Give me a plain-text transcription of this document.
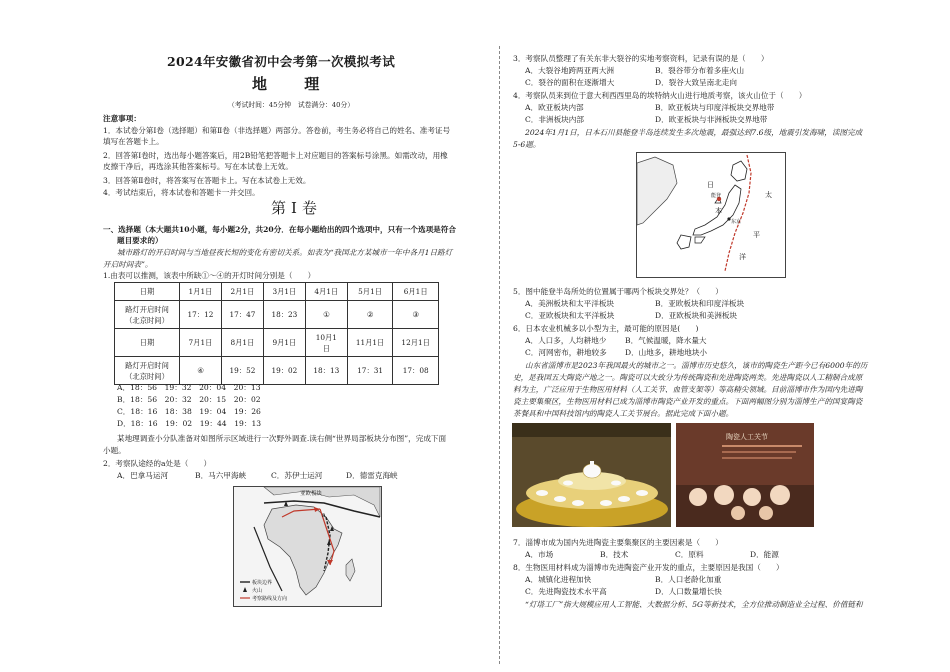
2024年安徽省初中会考第一次模拟考试
地 理
（考试时间：45分钟　试卷满分：40分）
注意事项：
1．本试卷分第Ⅰ卷（选择题）和第Ⅱ卷（非选择题）两部分。答卷前，考生务必将自己的姓名、准考证号
填写在答题卡上。
2．回答第Ⅰ卷时，选出每小题答案后，用2B铅笔把答题卡上对应题目的答案标号涂黑。如需改动，用橡
皮擦干净后，再选涂其他答案标号。写在本试卷上无效。
3．回答第Ⅱ卷时，将答案写在答题卡上。写在本试卷上无效。
4．考试结束后，将本试卷和答题卡一并交回。
第Ⅰ卷
一、选择题（本大题共10小题，每小题2分，共20分．在每小题给出的四个选项中，只有一个选项是符合
题目要求的）
城市路灯的开启时间与当地昼夜长短的变化有密切关系。如表为“我国北方某城市一年中各月1日路灯
开启时间表”。
1.由表可以推测，该表中所缺①～④的开灯时间分别是（　　）
日期	1月1日	2月1日	3月1日	4月1日	5月1日	6月1日
路灯开启时间
（北京时间）	17：12	17：47	18：23	①	②	③
日期	7月1日	8月1日	9月1日	10月1
日	11月1日	12月1日
路灯开启时间
（北京时间）	④	19：52	19：02	18：13	17：31	17：08
A．18：56　19：32　20：04　20：13
B．18：56　20：32　20：15　20：02
C．18：16　18：38　19：04　19：26
D．18：16　19：02　19：44　19：13
某地理调查小分队准备对如图所示区域进行一次野外调查.读右侧“世界局部板块分布图”，完成下面
小题。
2．考察队途经的a处是（　　）
A．巴拿马运河	B．马六甲海峡	C．苏伊士运河	D．德雷克海峡
亚欧板块
a
板块边界
火山
考察路线及方向
3．考察队员整理了有关东非大裂谷的实地考察资料，记录有误的是（　　）
A．大裂谷地跨两亚两大洲	B．裂谷带分布着多座火山
C．裂谷的面积在逐渐增大	D．裂谷大致呈南北走向
4．考察队员来到位于意大利西西里岛的埃特纳火山进行地质考察，该火山位于（　　）
A．欧亚板块内部	B．欧亚板块与印度洋板块交界地带
C．非洲板块内部	D．欧亚板块与非洲板块交界地带
2024年1月1日，日本石川县能登半岛连续发生多次地震，最强达到7.6级，地震引发海啸，读图完成
5-6题。
能登
东京
日
本
太
平
洋
5．图中能登半岛所处的位置属于哪两个板块交界处？（　　）
A．美洲板块和太平洋板块	B．亚欧板块和印度洋板块
C．亚欧板块和太平洋板块	D．亚欧板块和美洲板块
6．日本农业机械多以小型为主，最可能的原因是(　　)
A．人口多，人均耕地少 B．气候温暖，降水量大
C．河网密布，耕地较多 D．山地多，耕地地块小
山东省淄博市是2023年我国最火的城市之一。淄博市历史悠久，该市的陶瓷生产距今已有6000年的历
史，是我国五大陶瓷产地之一。陶瓷可以大致分为传统陶瓷和先进陶瓷两类。先进陶瓷以人工精制合成原
料为主，广泛应用于生物医用材料（人工关节、血管支架等）等高精尖领域。目前淄博市作为国内先进陶
瓷主要集聚区，生物医用材料已成为淄博市陶瓷产业开发的重点。下面两幅图分别为淄博生产的国宴陶瓷
茶餐具和中国科技馆内的陶瓷人工关节展台。据此完成下面小题。
陶瓷人工关节
7．淄博市成为国内先进陶瓷主要集聚区的主要因素是（　　）
A．市场	B．技术	C．原料	D．能源
8．生物医用材料成为淄博市先进陶瓷产业开发的重点，主要原因是我国（　　）
A．城镇化进程加快	B．人口老龄化加重
C．先进陶瓷技术水平高	D．人口数量增长快
“灯塔工厂”指大规模应用人工智能、大数据分析、5G等新技术，全方位推动制造业全过程、价值链和
